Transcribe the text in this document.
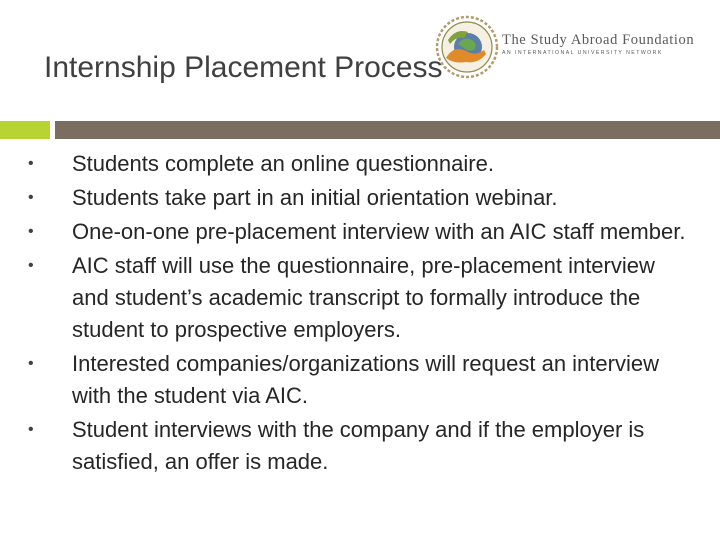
Internship Placement Process
The Study Abroad Foundation
AN INTERNATIONAL UNIVERSITY NETWORK
• Students complete an online questionnaire.
• Students take part in an initial orientation webinar.
• One-on-one pre-placement interview with an AIC staff member.
• AIC staff will use the questionnaire, pre-placement interview and student’s academic transcript to formally introduce the student to prospective employers.
• Interested companies/organizations will request an interview with the student via AIC.
• Student interviews with the company and if the employer is satisfied, an offer is made.
